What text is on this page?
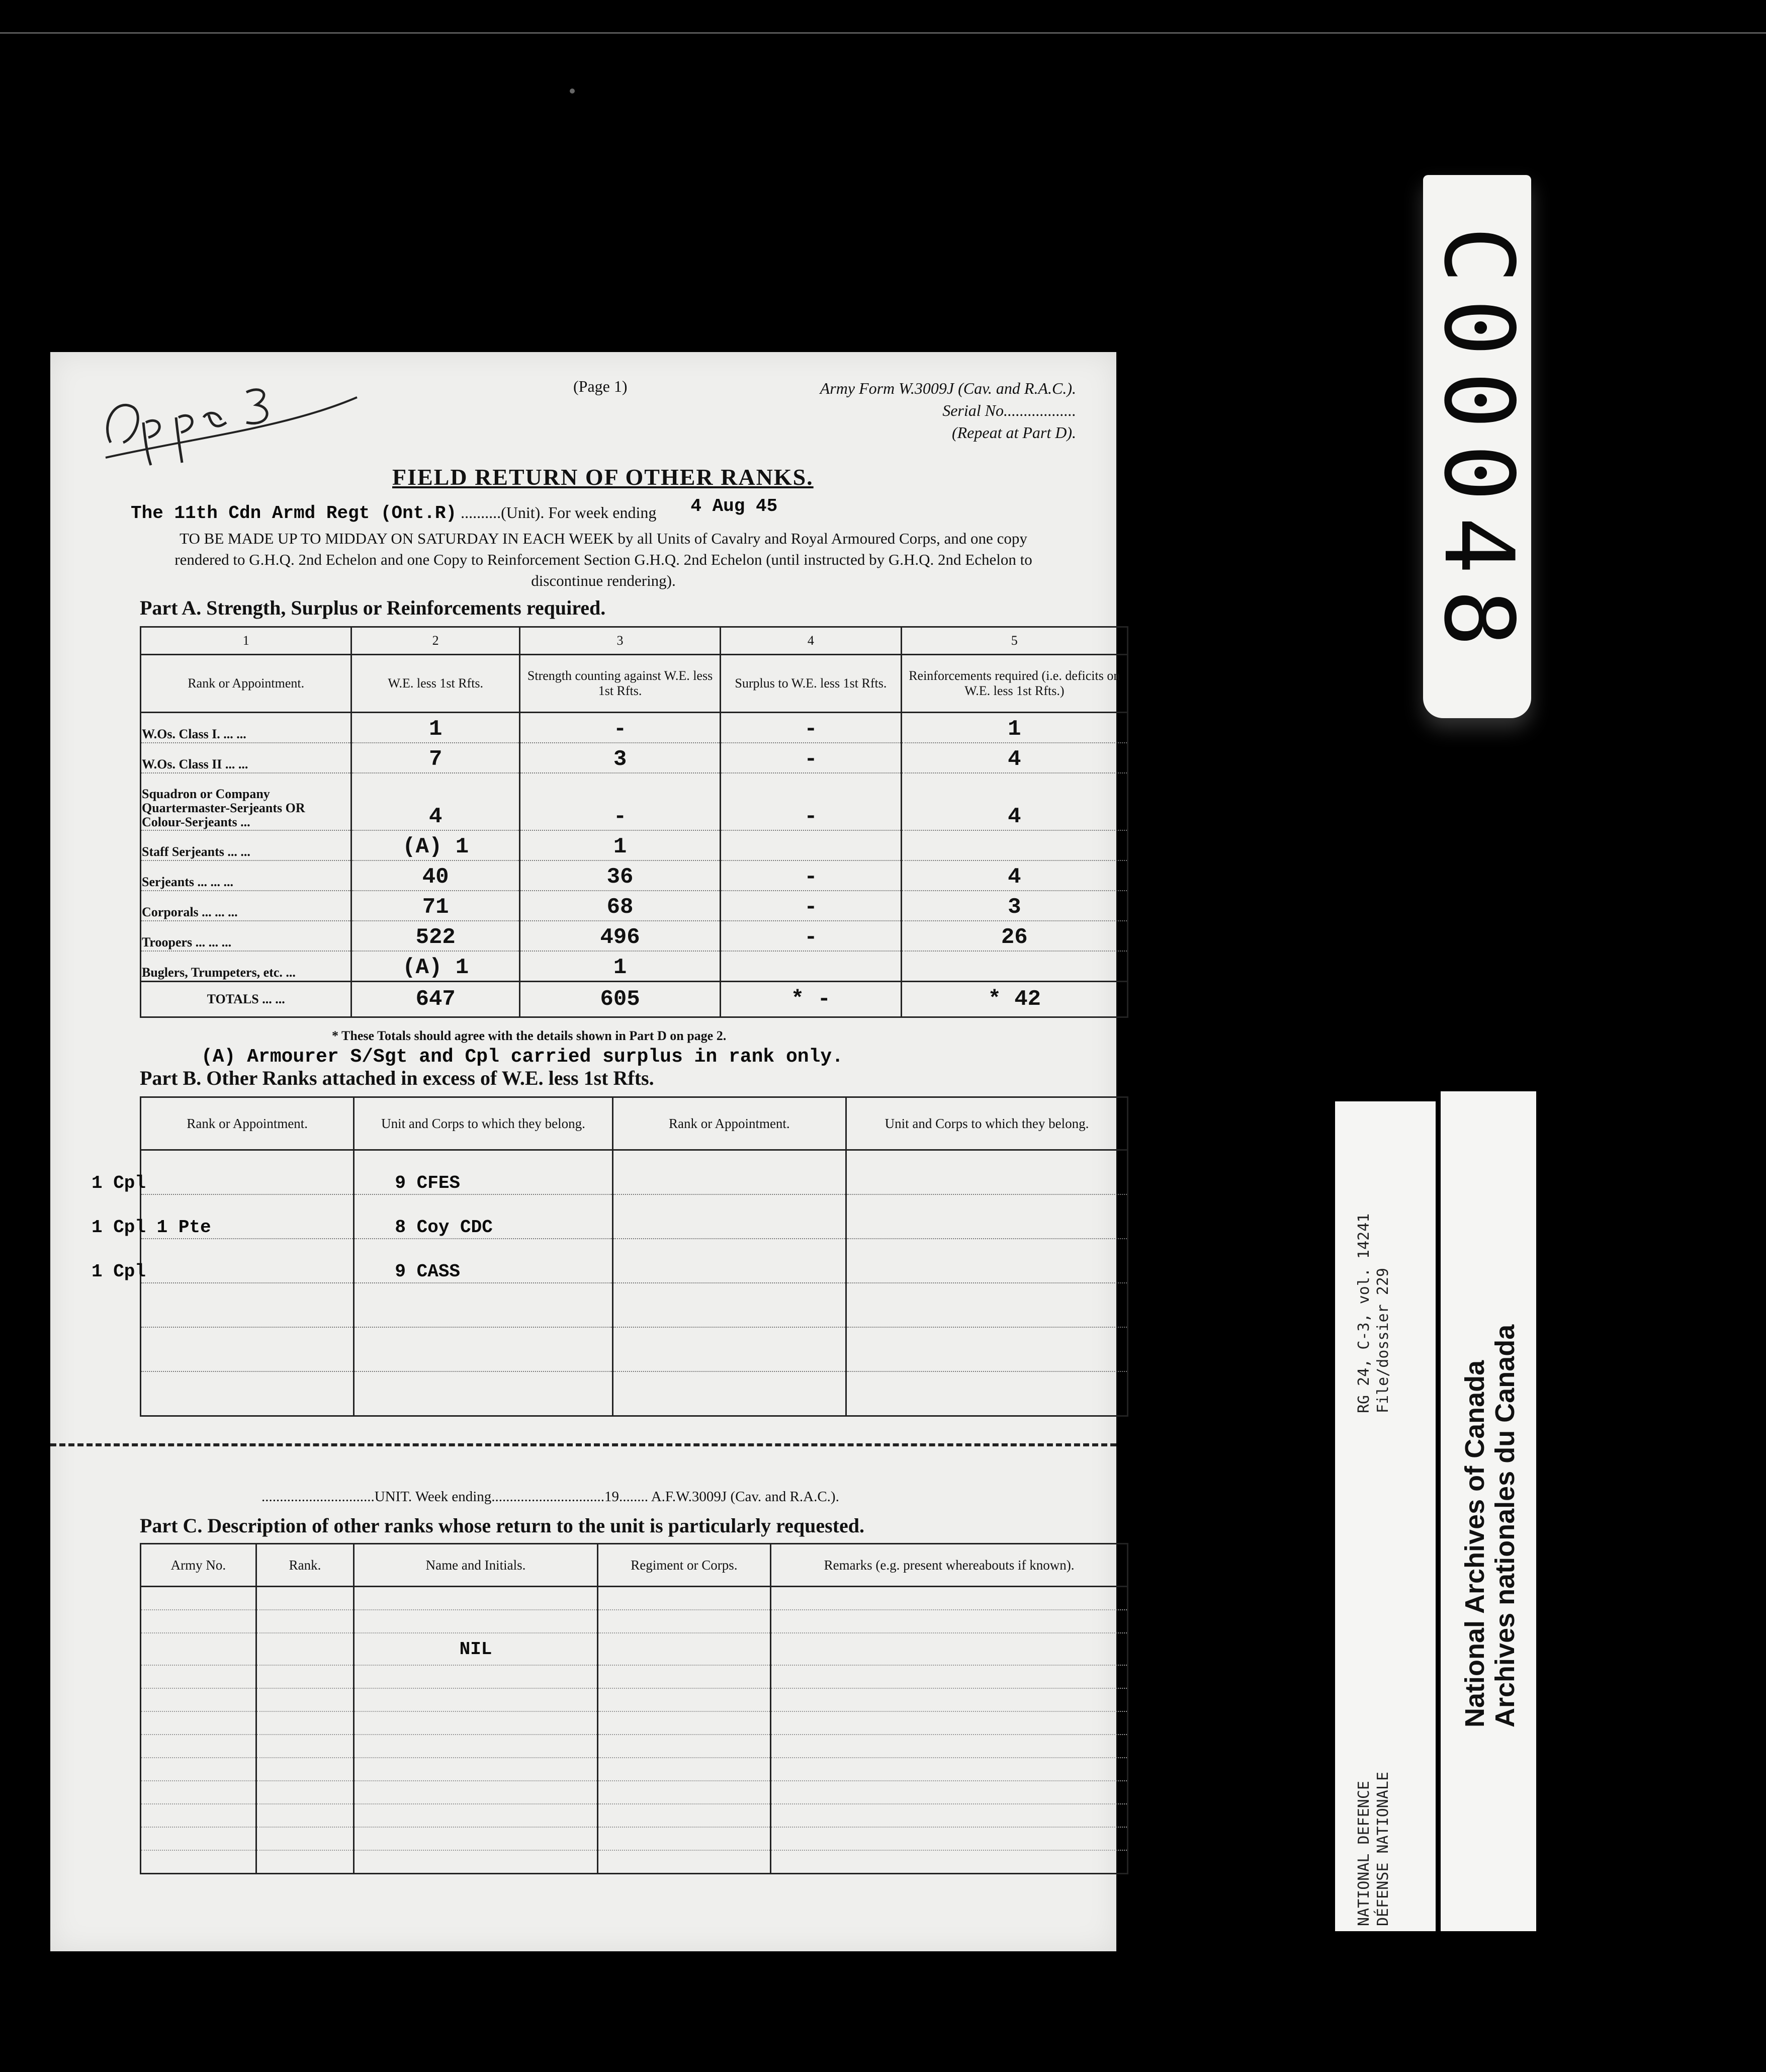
(Page 1)	Army Form W.3009J (Cav. and R.A.C.).
Serial No..................
(Repeat at Part D).
FIELD RETURN OF OTHER RANKS.
The 11th Cdn Armd Regt (Ont.R) ..........(Unit). For week ending 4 Aug 45
TO BE MADE UP TO MIDDAY ON SATURDAY IN EACH WEEK by all Units of Cavalry and Royal Armoured Corps, and one copy rendered to G.H.Q. 2nd Echelon and one Copy to Reinforcement Section G.H.Q. 2nd Echelon (until instructed by G.H.Q. 2nd Echelon to discontinue rendering).
Part A. Strength, Surplus or Reinforcements required.
1	2	3	4	5
Rank or Appointment.	W.E. less 1st Rfts.	Strength counting against W.E. less 1st Rfts.	Surplus to W.E. less 1st Rfts.	Reinforcements required (i.e. deficits on W.E. less 1st Rfts.)
W.Os. Class I. ... ...	1	-	-	1
W.Os. Class II ... ...	7	3	-	4
Squadron or Company Quartermaster-Serjeants OR Colour-Serjeants ...	4	-	-	4
Staff Serjeants ... ...	(A) 1	1		
Serjeants ... ... ...	40	36	-	4
Corporals ... ... ...	71	68	-	3
Troopers ... ... ...	522	496	-	26
Buglers, Trumpeters, etc. ...	(A) 1	1		
TOTALS ... ...	647	605	* -	* 42
* These Totals should agree with the details shown in Part D on page 2.
(A) Armourer S/Sgt and Cpl carried surplus in rank only.
Part B. Other Ranks attached in excess of W.E. less 1st Rfts.
Rank or Appointment.	Unit and Corps to which they belong.	Rank or Appointment.	Unit and Corps to which they belong.
1 Cpl	9 CFES		
1 Cpl 1 Pte	8 Coy CDC		
1 Cpl	9 CASS		

...............................UNIT. Week ending...............................19........ A.F.W.3009J (Cav. and R.A.C.).
Part C. Description of other ranks whose return to the unit is particularly requested.
Army No.	Rank.	Name and Initials.	Regiment or Corps.	Remarks (e.g. present whereabouts if known).

		NIL		

C00048
NATIONAL DEFENCE DÉFENSE NATIONALE
RG 24, C-3, vol. 14241 File/dossier 229
National Archives of Canada Archives nationales du Canada
